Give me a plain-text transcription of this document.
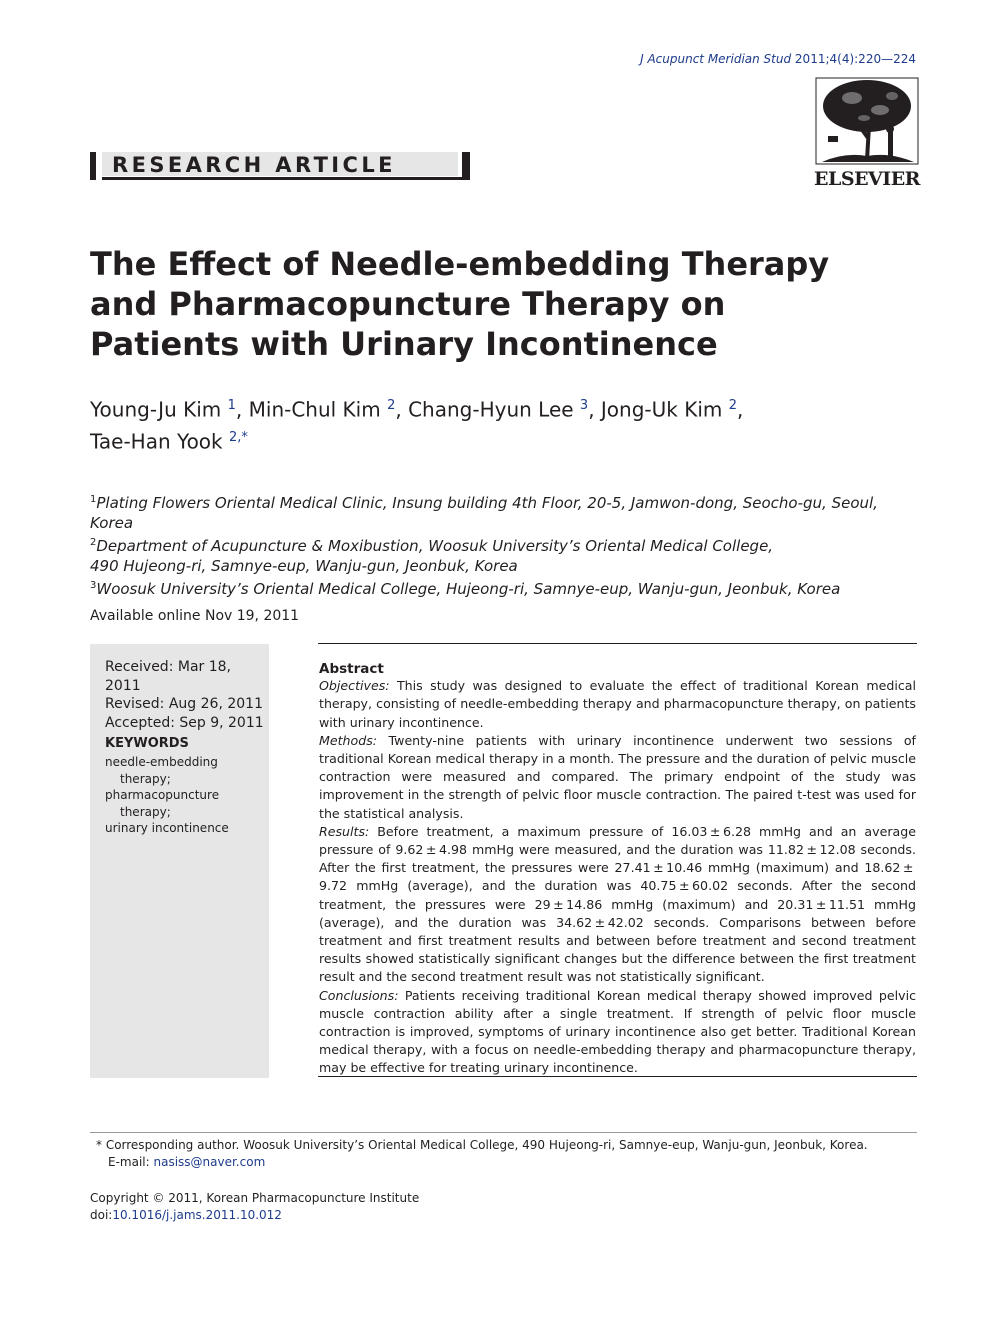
J Acupunct Meridian Stud 2011;4(4):220—224
ELSEVIER
RESEARCH ARTICLE
The Effect of Needle-embedding Therapy and Pharmacopuncture Therapy on Patients with Urinary Incontinence
Young-Ju Kim $^1$, Min-Chul Kim $^2$, Chang-Hyun Lee $^3$, Jong-Uk Kim $^2$,
Tae-Han Yook $^{2,*}$
$^1$Plating Flowers Oriental Medical Clinic, Insung building 4th Floor, 20-5, Jamwon-dong, Seocho-gu, Seoul, Korea
$^2$Department of Acupuncture & Moxibustion, Woosuk University’s Oriental Medical College,
490 Hujeong-ri, Samnye-eup, Wanju-gun, Jeonbuk, Korea
$^3$Woosuk University’s Oriental Medical College, Hujeong-ri, Samnye-eup, Wanju-gun, Jeonbuk, Korea
Available online Nov 19, 2011
Received: Mar 18, 2011
Revised: Aug 26, 2011
Accepted: Sep 9, 2011
KEYWORDS
needle-embedding
therapy;
pharmacopuncture
therapy;
urinary incontinence
Abstract

Objectives: This study was designed to evaluate the effect of traditional Korean medical therapy, consisting of needle-embedding therapy and pharmacopuncture therapy, on patients with urinary incontinence.

Methods: Twenty-nine patients with urinary incontinence underwent two sessions of traditional Korean medical therapy in a month. The pressure and the duration of pelvic muscle contraction were measured and compared. The primary endpoint of the study was improvement in the strength of pelvic floor muscle contraction. The paired t-test was used for the statistical analysis.

Results: Before treatment, a maximum pressure of 16.03 ± 6.28 mmHg and an average pressure of 9.62 ± 4.98 mmHg were measured, and the duration was 11.82 ± 12.08 seconds. After the first treatment, the pressures were 27.41 ± 10.46 mmHg (maximum) and 18.62 ± 9.72 mmHg (average), and the duration was 40.75 ± 60.02 seconds. After the second treatment, the pressures were 29 ± 14.86 mmHg (maximum) and 20.31 ± 11.51 mmHg (average), and the duration was 34.62 ± 42.02 seconds. Comparisons between before treatment and first treatment results and between before treatment and second treatment results showed statistically significant changes but the difference between the first treatment result and the second treatment result was not statistically significant.

Conclusions: Patients receiving traditional Korean medical therapy showed improved pelvic muscle contraction ability after a single treatment. If strength of pelvic floor muscle contraction is improved, symptoms of urinary incontinence also get better. Traditional Korean medical therapy, with a focus on needle-embedding therapy and pharmacopuncture therapy, may be effective for treating urinary incontinence.

* Corresponding author. Woosuk University’s Oriental Medical College, 490 Hujeong-ri, Samnye-eup, Wanju-gun, Jeonbuk, Korea.
E-mail: nasiss@naver.com
Copyright © 2011, Korean Pharmacopuncture Institute
doi:10.1016/j.jams.2011.10.012
